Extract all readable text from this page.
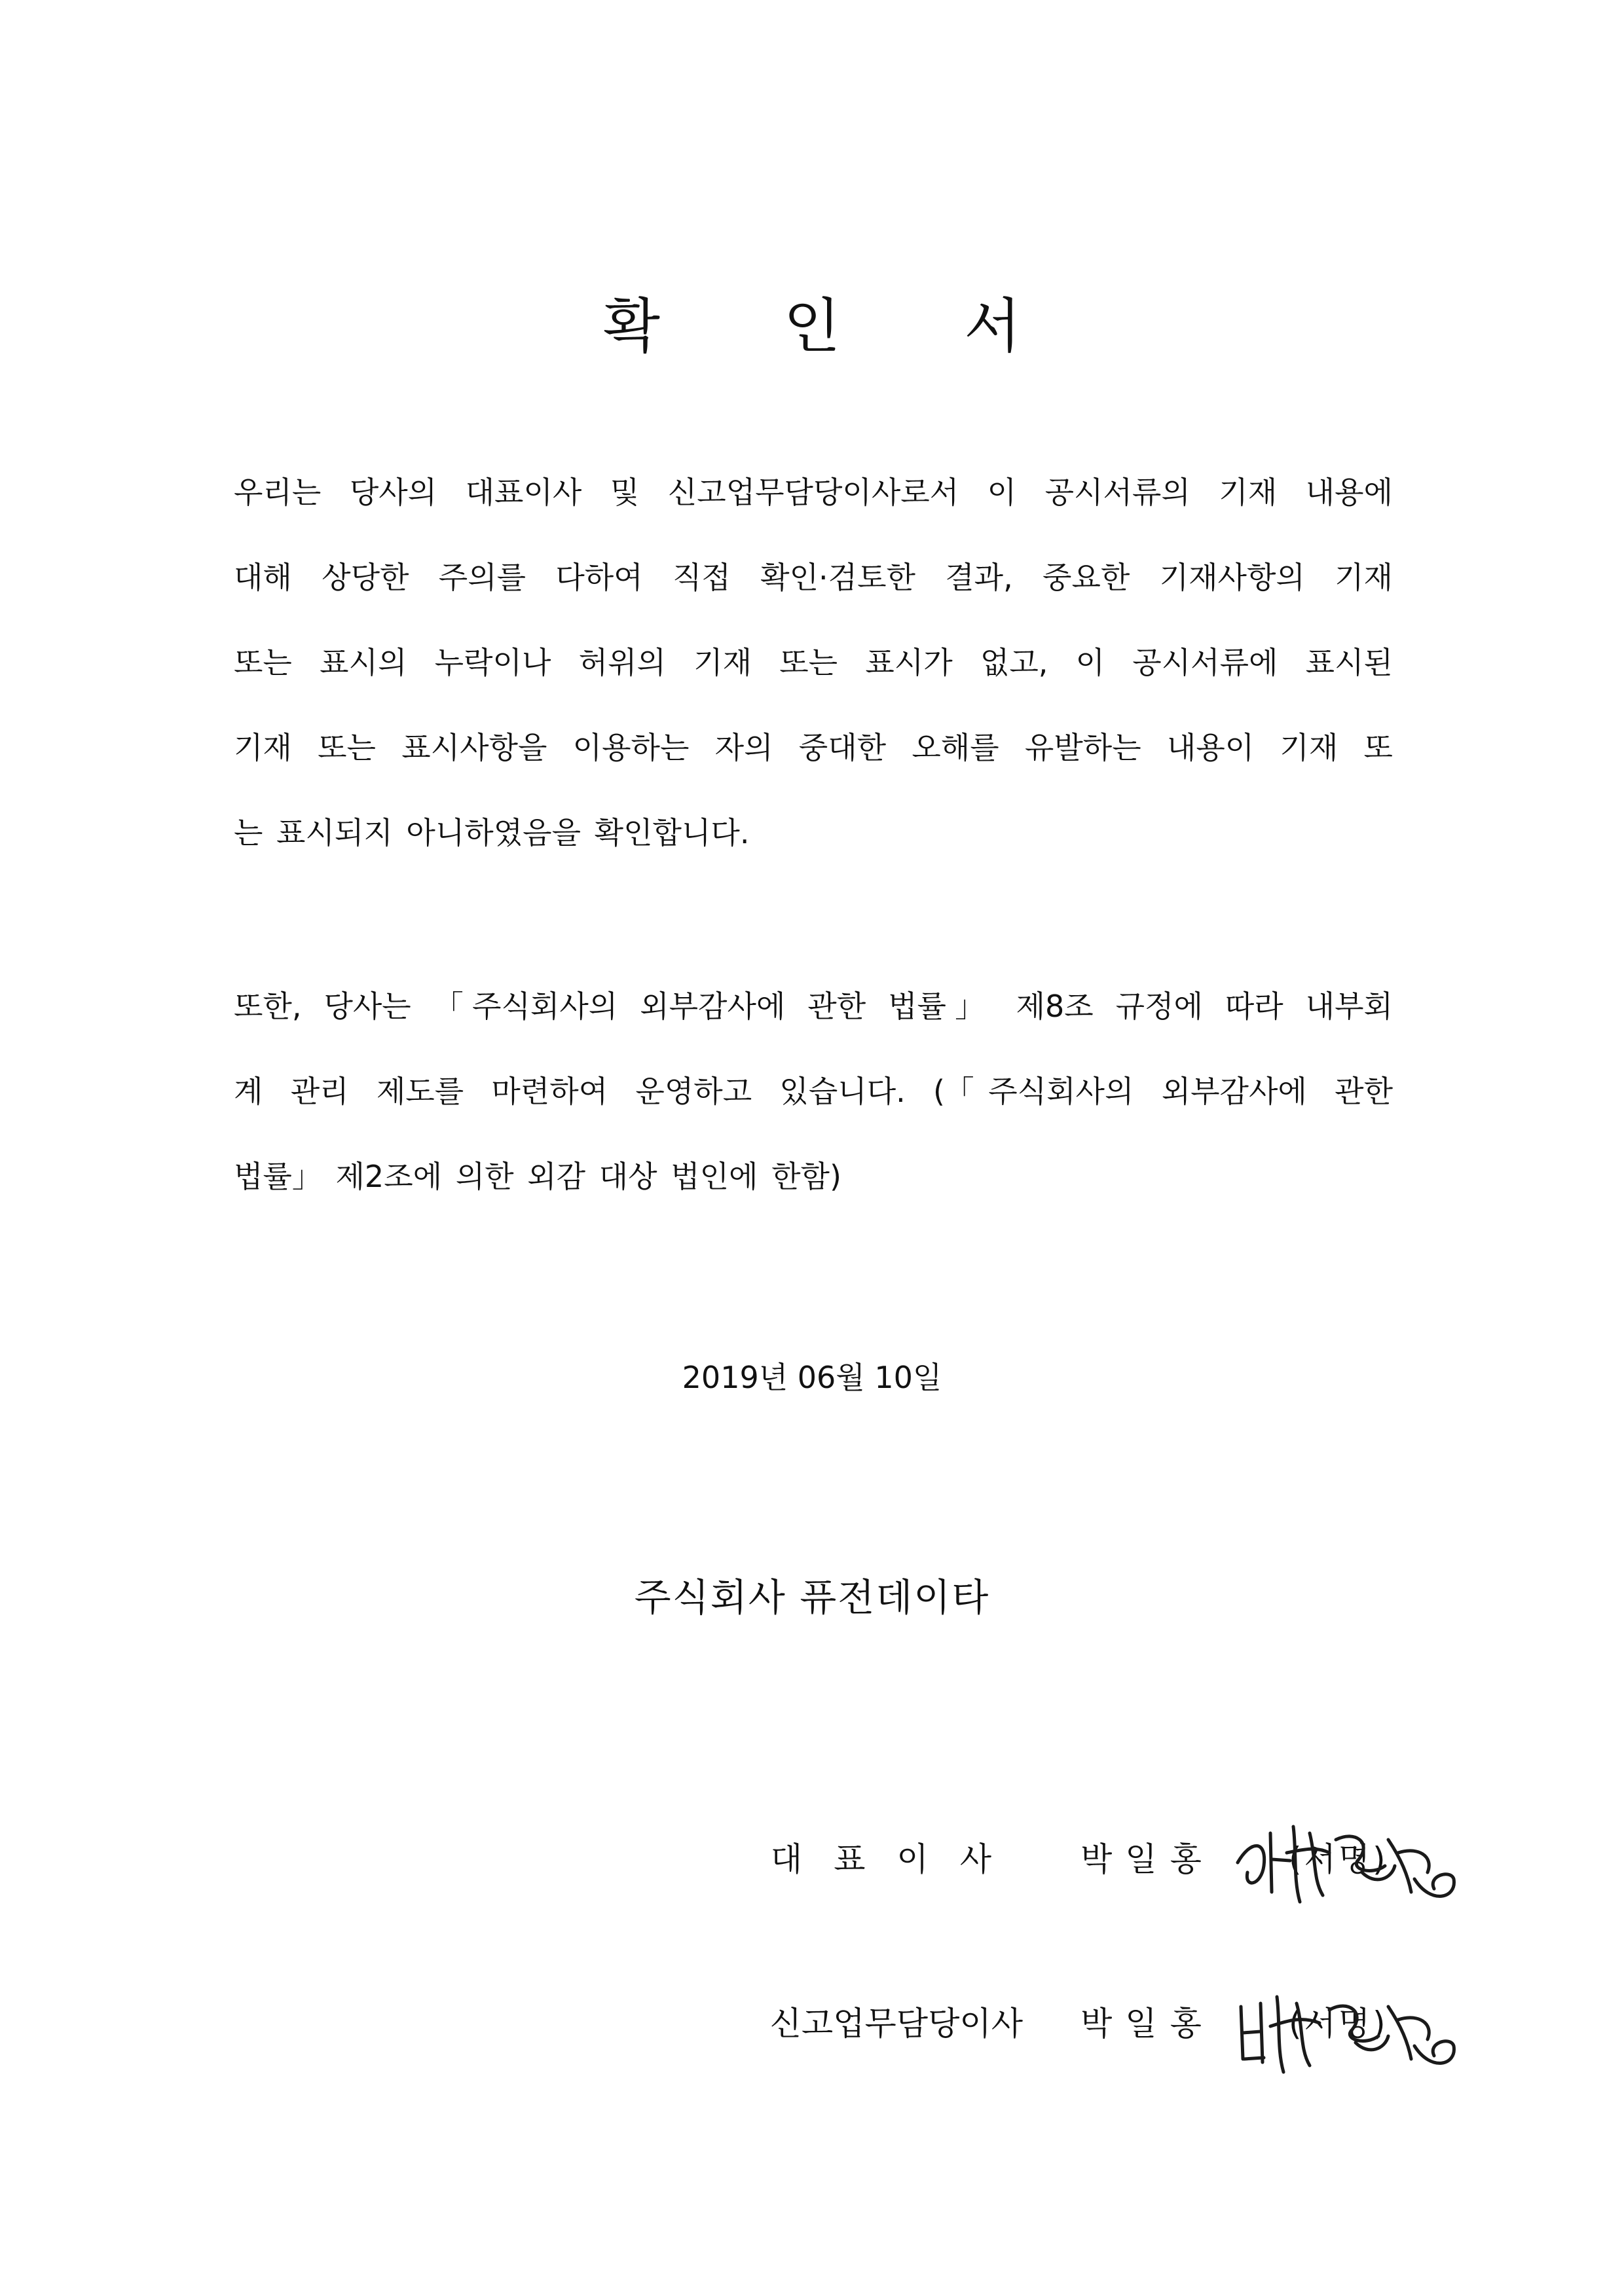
확 인 서
우리는 당사의 대표이사 및 신고업무담당이사로서 이 공시서류의 기재 내용에
대해 상당한 주의를 다하여 직접 확인·검토한 결과, 중요한 기재사항의 기재
또는 표시의 누락이나 허위의 기재 또는 표시가 없고, 이 공시서류에 표시된
기재 또는 표시사항을 이용하는 자의 중대한 오해를 유발하는 내용이 기재 또
는 표시되지 아니하였음을 확인합니다.
또한, 당사는 「주식회사의 외부감사에 관한 법률」 제8조 규정에 따라 내부회
계 관리 제도를 마련하여 운영하고 있습니다. (「주식회사의 외부감사에 관한
법률」 제2조에 의한 외감 대상 법인에 한함)

2019년 06월 10일

주식회사 퓨전데이타

대표이사 박일홍 (서명)
신고업무담당이사 박일홍 (서명)
